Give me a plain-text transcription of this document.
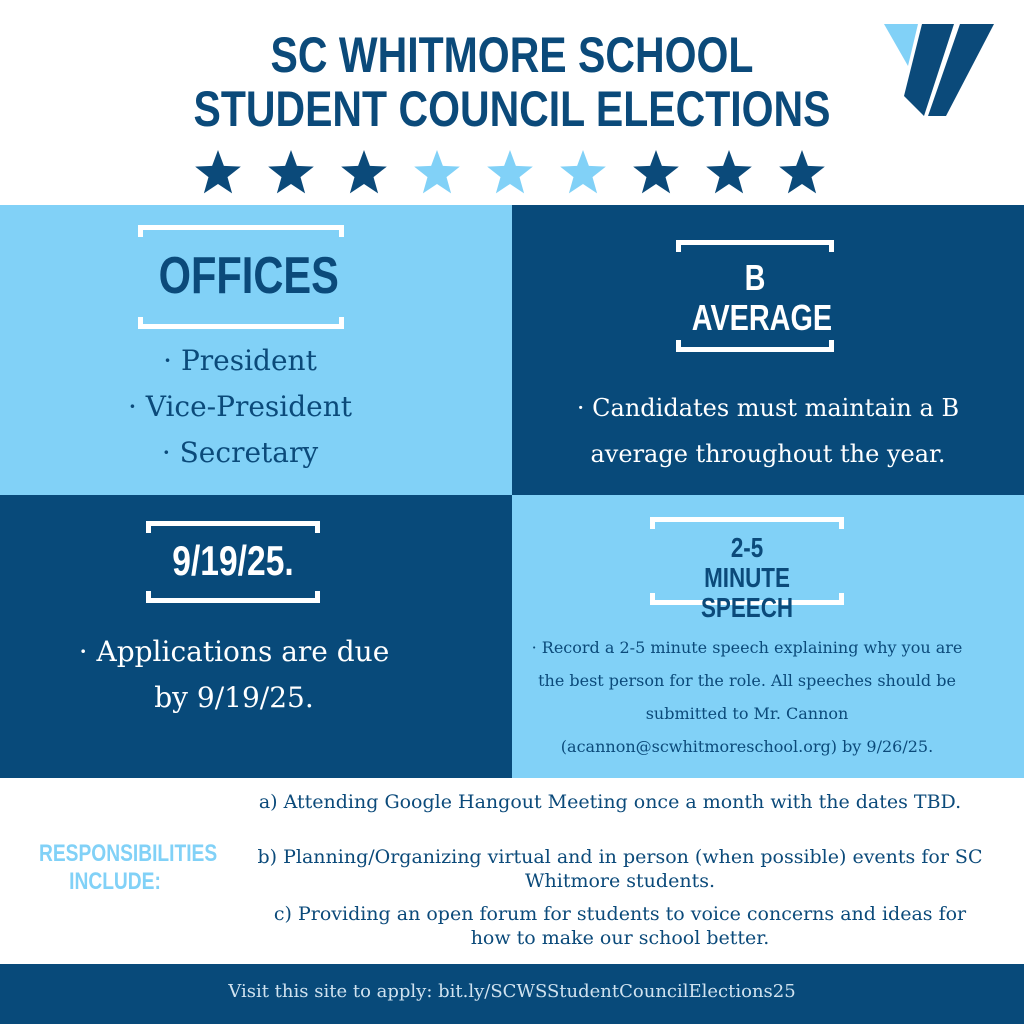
SC WHITMORE SCHOOL
STUDENT COUNCIL ELECTIONS
OFFICES
· President
· Vice-President
· Secretary
B
AVERAGE
· Candidates must maintain a B
average throughout the year.
9/19/25.
· Applications are due
by 9/19/25.
2-5
MINUTE SPEECH
· Record a 2-5 minute speech explaining why you are
the best person for the role. All speeches should be
submitted to Mr. Cannon
(acannon@scwhitmoreschool.org) by 9/26/25.
RESPONSIBILITIES
INCLUDE:
a) Attending Google Hangout Meeting once a month with the dates TBD.
b) Planning/Organizing virtual and in person (when possible) events for SC Whitmore students.
c) Providing an open forum for students to voice concerns and ideas for how to make our school better.
Visit this site to apply: bit.ly/SCWSStudentCouncilElections25
